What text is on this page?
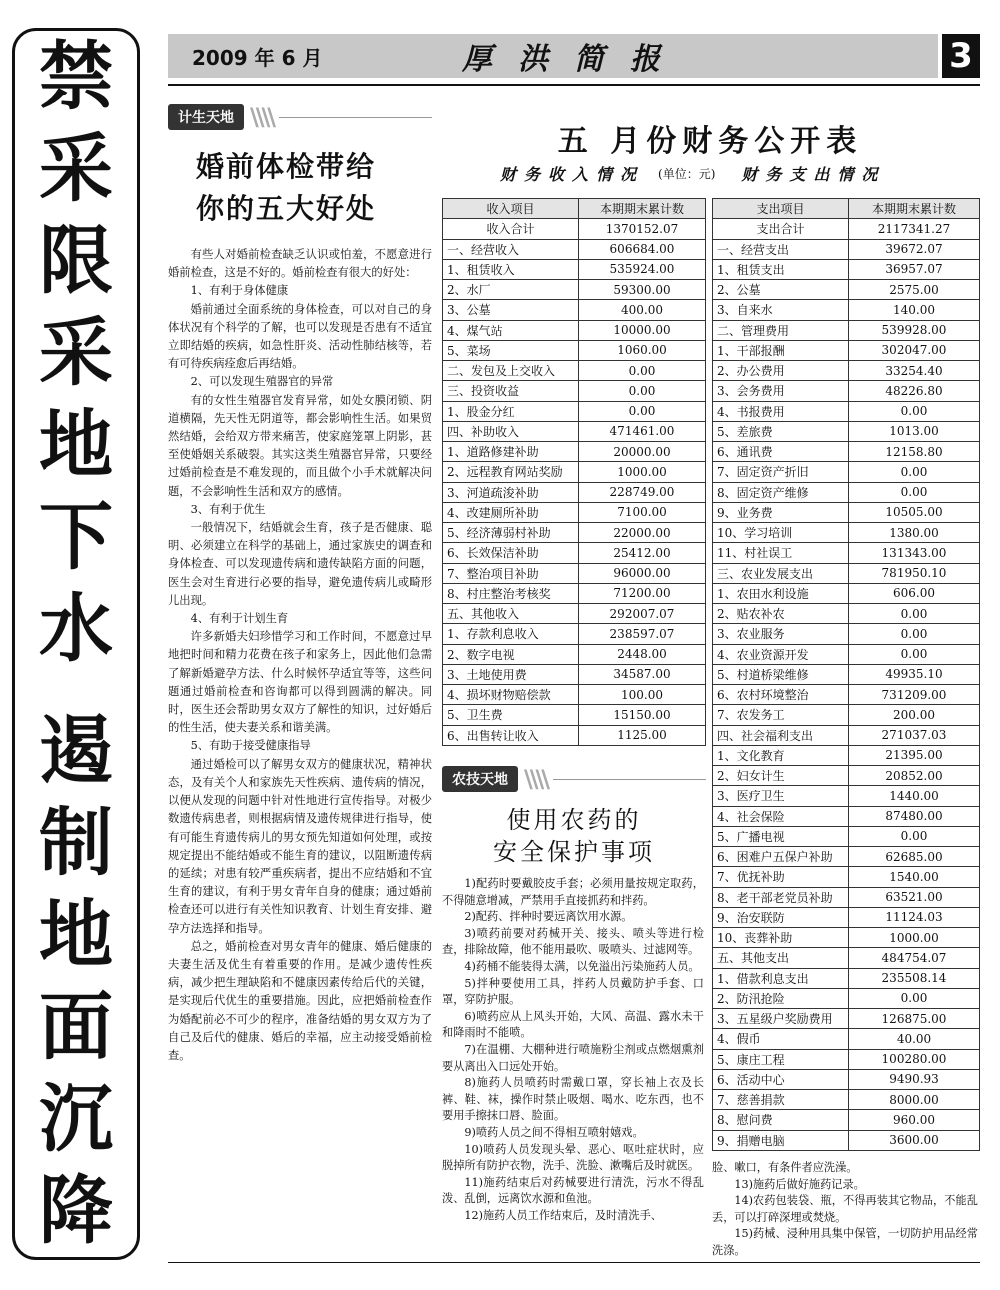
禁
采
限
采
地
下
水
遏
制
地
面
沉
降
2009 年 6 月	厚洪简报	3
计生天地 \\\\
婚前体检带给
你的五大好处

有些人对婚前检查缺乏认识或怕羞，不愿意进行婚前检查，这是不好的。婚前检查有很大的好处：

1、有利于身体健康

婚前通过全面系统的身体检查，可以对自己的身体状况有个科学的了解，也可以发现是否患有不适宜立即结婚的疾病，如急性肝炎、活动性肺结核等，若有可待疾病痊愈后再结婚。

2、可以发现生殖器官的异常

有的女性生殖器官发育异常，如处女膜闭锁、阴道横隔，先天性无阴道等，都会影响性生活。如果贸然结婚，会给双方带来痛苦，使家庭笼罩上阴影，甚至使婚姻关系破裂。其实这类生殖器官异常，只要经过婚前检查是不难发现的，而且做个小手术就解决问题，不会影响性生活和双方的感情。

3、有利于优生

一般情况下，结婚就会生育，孩子是否健康、聪明、必须建立在科学的基础上，通过家族史的调查和身体检查、可以发现遗传病和遗传缺陷方面的问题，医生会对生育进行必要的指导，避免遗传病儿或畸形儿出现。

4、有利于计划生育

许多新婚夫妇珍惜学习和工作时间，不愿意过早地把时间和精力花费在孩子和家务上，因此他们急需了解新婚避孕方法、什么时候怀孕适宜等等，这些问题通过婚前检查和咨询都可以得到圆满的解决。同时，医生还会帮助男女双方了解性的知识，过好婚后的性生活，使夫妻关系和谐美满。

5、有助于接受健康指导

通过婚检可以了解男女双方的健康状况，精神状态，及有关个人和家族先天性疾病、遗传病的情况，以便从发现的问题中针对性地进行宣传指导。对极少数遗传病患者，则根据病情及遗传规律进行指导，使有可能生育遗传病儿的男女预先知道如何处理，或按规定提出不能结婚或不能生育的建议，以阻断遗传病的延续；对患有较严重疾病者，提出不应结婚和不宜生育的建议，有利于男女青年自身的健康；通过婚前检查还可以进行有关性知识教育、计划生育安排、避孕方法选择和指导。

总之，婚前检查对男女青年的健康、婚后健康的夫妻生活及优生有着重要的作用。是减少遗传性疾病，减少把生理缺陷和不健康因素传给后代的关键，是实现后代优生的重要措施。因此，应把婚前检查作为婚配前必不可少的程序，准备结婚的男女双方为了自己及后代的健康、婚后的幸福，应主动接受婚前检查。

五 月份财务公开表
财务收入情况 (单位：元) 财务支出情况
收入项目	本期期末累计数
收入合计	1370152.07
一、经营收入	606684.00
1、租赁收入	535924.00
2、水厂	59300.00
3、公墓	400.00
4、煤气站	10000.00
5、菜场	1060.00
二、发包及上交收入	0.00
三、投资收益	0.00
1、股金分红	0.00
四、补助收入	471461.00
1、道路修建补助	20000.00
2、远程教育网站奖励	1000.00
3、河道疏浚补助	228749.00
4、改建厕所补助	7100.00
5、经济薄弱村补助	22000.00
6、长效保洁补助	25412.00
7、整治项目补助	96000.00
8、村庄整治考核奖	71200.00
五、其他收入	292007.07
1、存款利息收入	238597.07
2、数字电视	2448.00
3、土地使用费	34587.00
4、损坏财物赔偿款	100.00
5、卫生费	15150.00
6、出售转让收入	1125.00
支出项目	本期期末累计数
支出合计	2117341.27
一、经营支出	39672.07
1、租赁支出	36957.07
2、公墓	2575.00
3、自来水	140.00
二、管理费用	539928.00
1、干部报酬	302047.00
2、办公费用	33254.40
3、会务费用	48226.80
4、书报费用	0.00
5、差旅费	1013.00
6、通讯费	12158.80
7、固定资产折旧	0.00
8、固定资产维修	0.00
9、业务费	10505.00
10、学习培训	1380.00
11、村社误工	131343.00
三、农业发展支出	781950.10
1、农田水利设施	606.00
2、贴农补农	0.00
3、农业服务	0.00
4、农业资源开发	0.00
5、村道桥梁维修	49935.10
6、农村环境整治	731209.00
7、农发务工	200.00
四、社会福利支出	271037.03
1、文化教育	21395.00
2、妇女计生	20852.00
3、医疗卫生	1440.00
4、社会保险	87480.00
5、广播电视	0.00
6、困难户五保户补助	62685.00
7、优抚补助	1540.00
8、老干部老党员补助	63521.00
9、治安联防	11124.03
10、丧葬补助	1000.00
五、其他支出	484754.07
1、借款利息支出	235508.14
2、防汛抢险	0.00
3、五星级户奖励费用	126875.00
4、假币	40.00
5、康庄工程	100280.00
6、活动中心	9490.93
7、慈善捐款	8000.00
8、慰问费	960.00
9、捐赠电脑	3600.00
农技天地 \\\\
使用农药的
安全保护事项

1)配药时要戴胶皮手套；必须用量按规定取药，不得随意增减，严禁用手直接抓药和拌药。

2)配药、拌种时要远离饮用水源。

3)喷药前要对药械开关、接头、喷头等进行检查，排除故障，他不能用最吹、吸喷头、过滤网等。

4)药桶不能装得太满，以免溢出污染施药人员。

5)拌种要使用工具，拌药人员戴防护手套、口罩，穿防护服。

6)喷药应从上风头开始，大风、高温、露水未干和降雨时不能喷。

7)在温棚、大棚种进行喷施粉尘剂或点燃烟熏剂要从离出入口远处开始。

8)施药人员喷药时需戴口罩，穿长袖上衣及长裤、鞋、袜，操作时禁止吸烟、喝水、吃东西，也不要用手擦抹口唇、脸面。

9)喷药人员之间不得相互喷射嬉戏。

10)喷药人员发现头晕、恶心、呕吐症状时，应脱掉所有防护衣物，洗手、洗脸、漱嘴后及时就医。

11)施药结束后对药械要进行清洗，污水不得乱泼、乱倒，远离饮水源和鱼池。

12)施药人员工作结束后，及时清洗手、

脸、嗽口，有条件者应洗澡。

13)施药后做好施药记录。

14)农药包装袋、瓶，不得再装其它物品，不能乱丢，可以打碎深埋或焚烧。

15)药械、浸种用具集中保管，一切防护用品经常洗涤。
